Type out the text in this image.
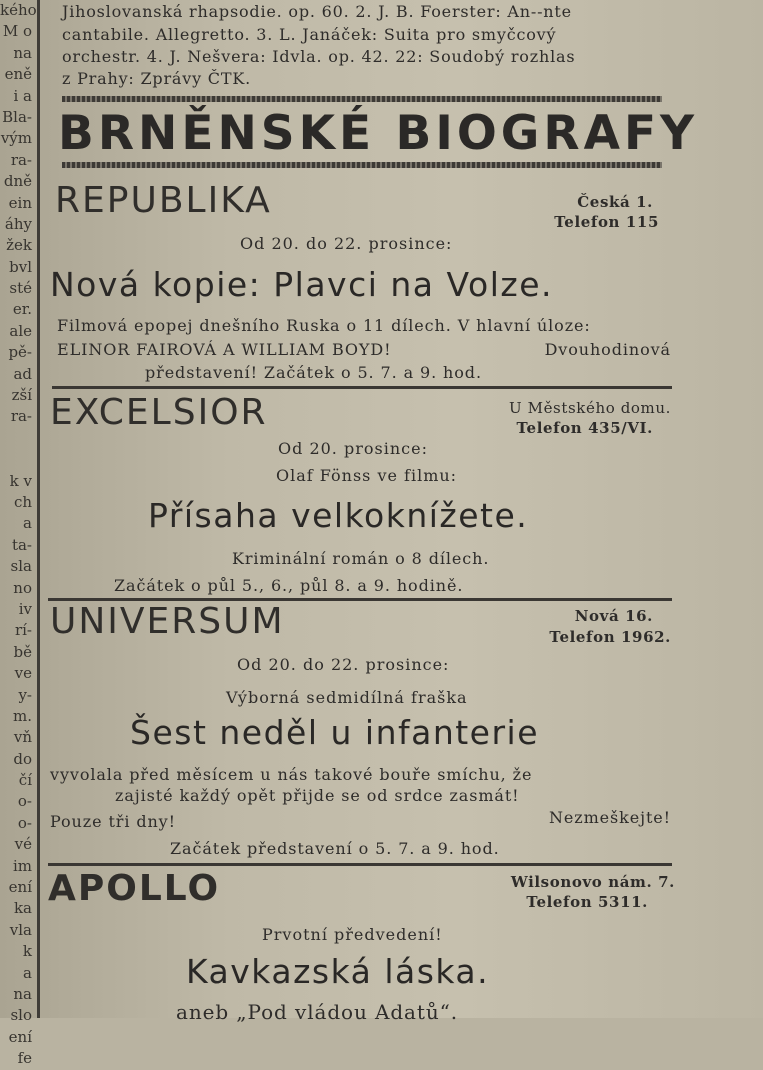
kého
M o
na
eně
i a
Bla-
vým
ra-
dně
ein
áhy
žek
bvl
sté
er.
ale
pě-
ad
zší
ra-
k v
ch
a
ta-
sla
no
iv
rí-
bě
ve
y-
m.
vň
do
čí
o-
o-
vé
im
ení
ka
vla
k
a
na
slo
ení
fe
Jihoslovanská rhapsodie. op. 60. 2. J. B. Foerster: An--nte
cantabile. Allegretto. 3. L. Janáček: Suita pro smyčcový
orchestr. 4. J. Nešvera: Idvla. op. 42. 22: Soudobý rozhlas
z Prahy: Zprávy ČTK.
BRNĚNSKÉ BIOGRAFY
REPUBLIKA	Česká 1.
Telefon 115
Od 20. do 22. prosince:
Nová kopie: Plavci na Volze.
Filmová epopej dnešního Ruska o 11 dílech. V hlavní úloze:
ELINOR FAIROVÁ A WILLIAM BOYD!	Dvouhodinová
představení! Začátek o 5. 7. a 9. hod.
EXCELSIOR	U Městského domu.
Telefon 435/VI.
Od 20. prosince:
Olaf Fönss ve filmu:
Přísaha velkoknížete.
Kriminální román o 8 dílech.
Začátek o půl 5., 6., půl 8. a 9. hodině.
UNIVERSUM	Nová 16.
Telefon 1962.
Od 20. do 22. prosince:
Výborná sedmidílná fraška
Šest neděl u infanterie
vyvolala před měsícem u nás takové bouře smíchu, že
zajisté každý opět přijde se od srdce zasmát!
Pouze tři dny!	Nezmeškejte!
Začátek představení o 5. 7. a 9. hod.
APOLLO	Wilsonovo nám. 7.
Telefon 5311.
Prvotní předvedení!
Kavkazská láska.
aneb „Pod vládou Adatů“.
